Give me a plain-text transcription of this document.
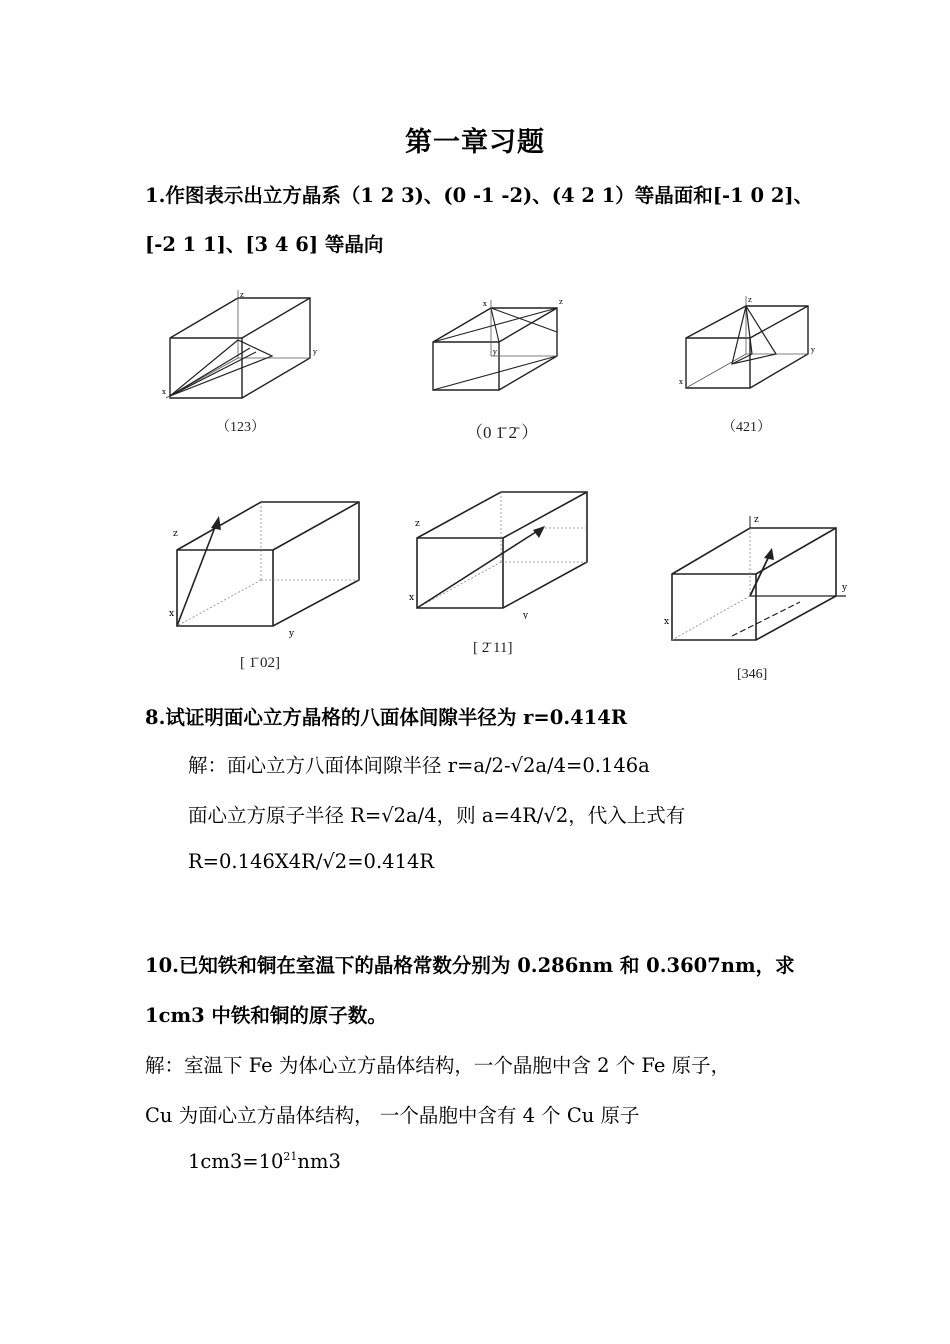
第一章习题
1.作图表示出立方晶系（1 2 3)、(0 -1 -2)、(4 2 1）等晶面和[-1 0 2]、
[-2 1 1]、[3 4 6] 等晶向
z
y
x
（123）
z
y
x
（0 1̄ 2̄ ）
z
y
x
（421）
z
y
x
[ 1̄ 02]
z
y
x
[ 2̄ 11]
z
y
x
[346]
8.试证明面心立方晶格的八面体间隙半径为 r=0.414R
解：面心立方八面体间隙半径 r=a/2-√2a/4=0.146a
面心立方原子半径 R=√2a/4，则 a=4R/√2，代入上式有
R=0.146X4R/√2=0.414R
10.已知铁和铜在室温下的晶格常数分别为 0.286nm 和 0.3607nm，求
1cm3 中铁和铜的原子数。
解：室温下 Fe 为体心立方晶体结构，一个晶胞中含 2 个 Fe 原子，
Cu 为面心立方晶体结构， 一个晶胞中含有 4 个 Cu 原子
$1cm3=10^{21}nm3$
